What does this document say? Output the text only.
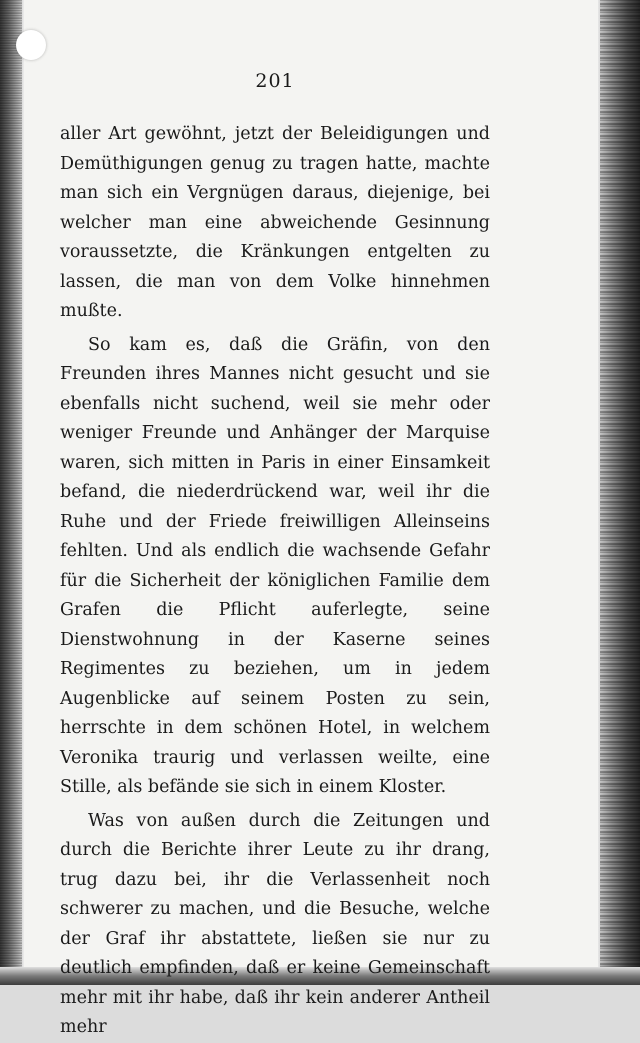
201

aller Art gewöhnt, jetzt der Beleidigungen und Demüthigungen genug zu tragen hatte, machte man sich ein Vergnügen daraus, diejenige, bei welcher man eine abweichende Gesinnung voraussetzte, die Kränkungen entgelten zu lassen, die man von dem Volke hinnehmen mußte.

So kam es, daß die Gräfin, von den Freunden ihres Mannes nicht gesucht und sie ebenfalls nicht suchend, weil sie mehr oder weniger Freunde und Anhänger der Marquise waren, sich mitten in Paris in einer Einsamkeit befand, die niederdrückend war, weil ihr die Ruhe und der Friede freiwilligen Alleinseins fehlten. Und als endlich die wachsende Gefahr für die Sicherheit der königlichen Familie dem Grafen die Pflicht auferlegte, seine Dienstwohnung in der Kaserne seines Regimentes zu beziehen, um in jedem Augenblicke auf seinem Posten zu sein, herrschte in dem schönen Hotel, in welchem Veronika traurig und verlassen weilte, eine Stille, als befände sie sich in einem Kloster.

Was von außen durch die Zeitungen und durch die Berichte ihrer Leute zu ihr drang, trug dazu bei, ihr die Verlassenheit noch schwerer zu machen, und die Besuche, welche der Graf ihr abstattete, ließen sie nur zu deutlich empfinden, daß er keine Gemeinschaft mehr mit ihr habe, daß ihr kein anderer Antheil mehr
